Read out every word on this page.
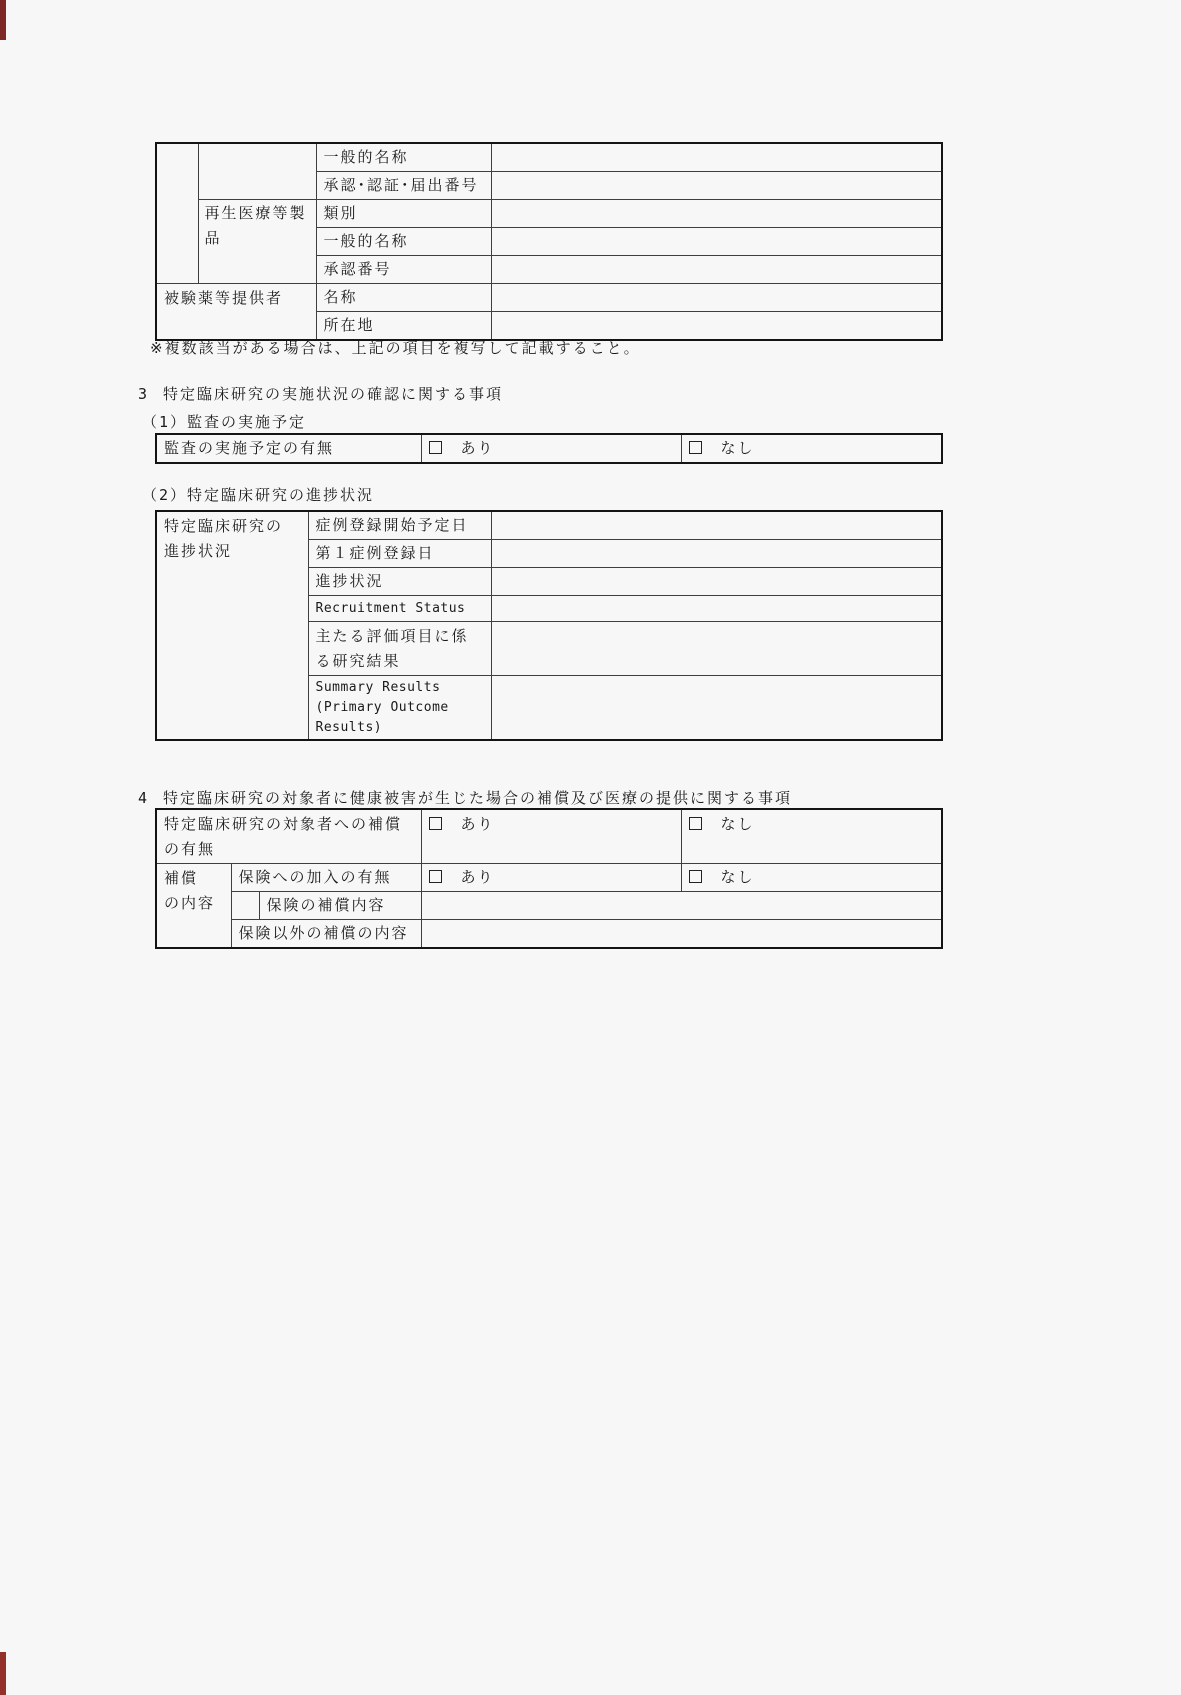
		一般的名称	
		承認･認証･届出番号	
	再生医療等製品	類別	
		一般的名称	
		承認番号	
被験薬等提供者		名称	
		所在地	
※複数該当がある場合は、上記の項目を複写して記載すること。
3 特定臨床研究の実施状況の確認に関する事項
（1）監査の実施予定
監査の実施予定の有無	あり	なし
（2）特定臨床研究の進捗状況
特定臨床研究の
進捗状況	症例登録開始予定日	
	第１症例登録日	
	進捗状況	
	Recruitment Status	
	主たる評価項目に係る研究結果	
	Summary Results (Primary Outcome Results)	
4 特定臨床研究の対象者に健康被害が生じた場合の補償及び医療の提供に関する事項
特定臨床研究の対象者への補償の有無			あり	なし

補償
の内容	保険への加入の有無		あり	なし
		保険の補償内容		
	保険以外の補償の内容			
